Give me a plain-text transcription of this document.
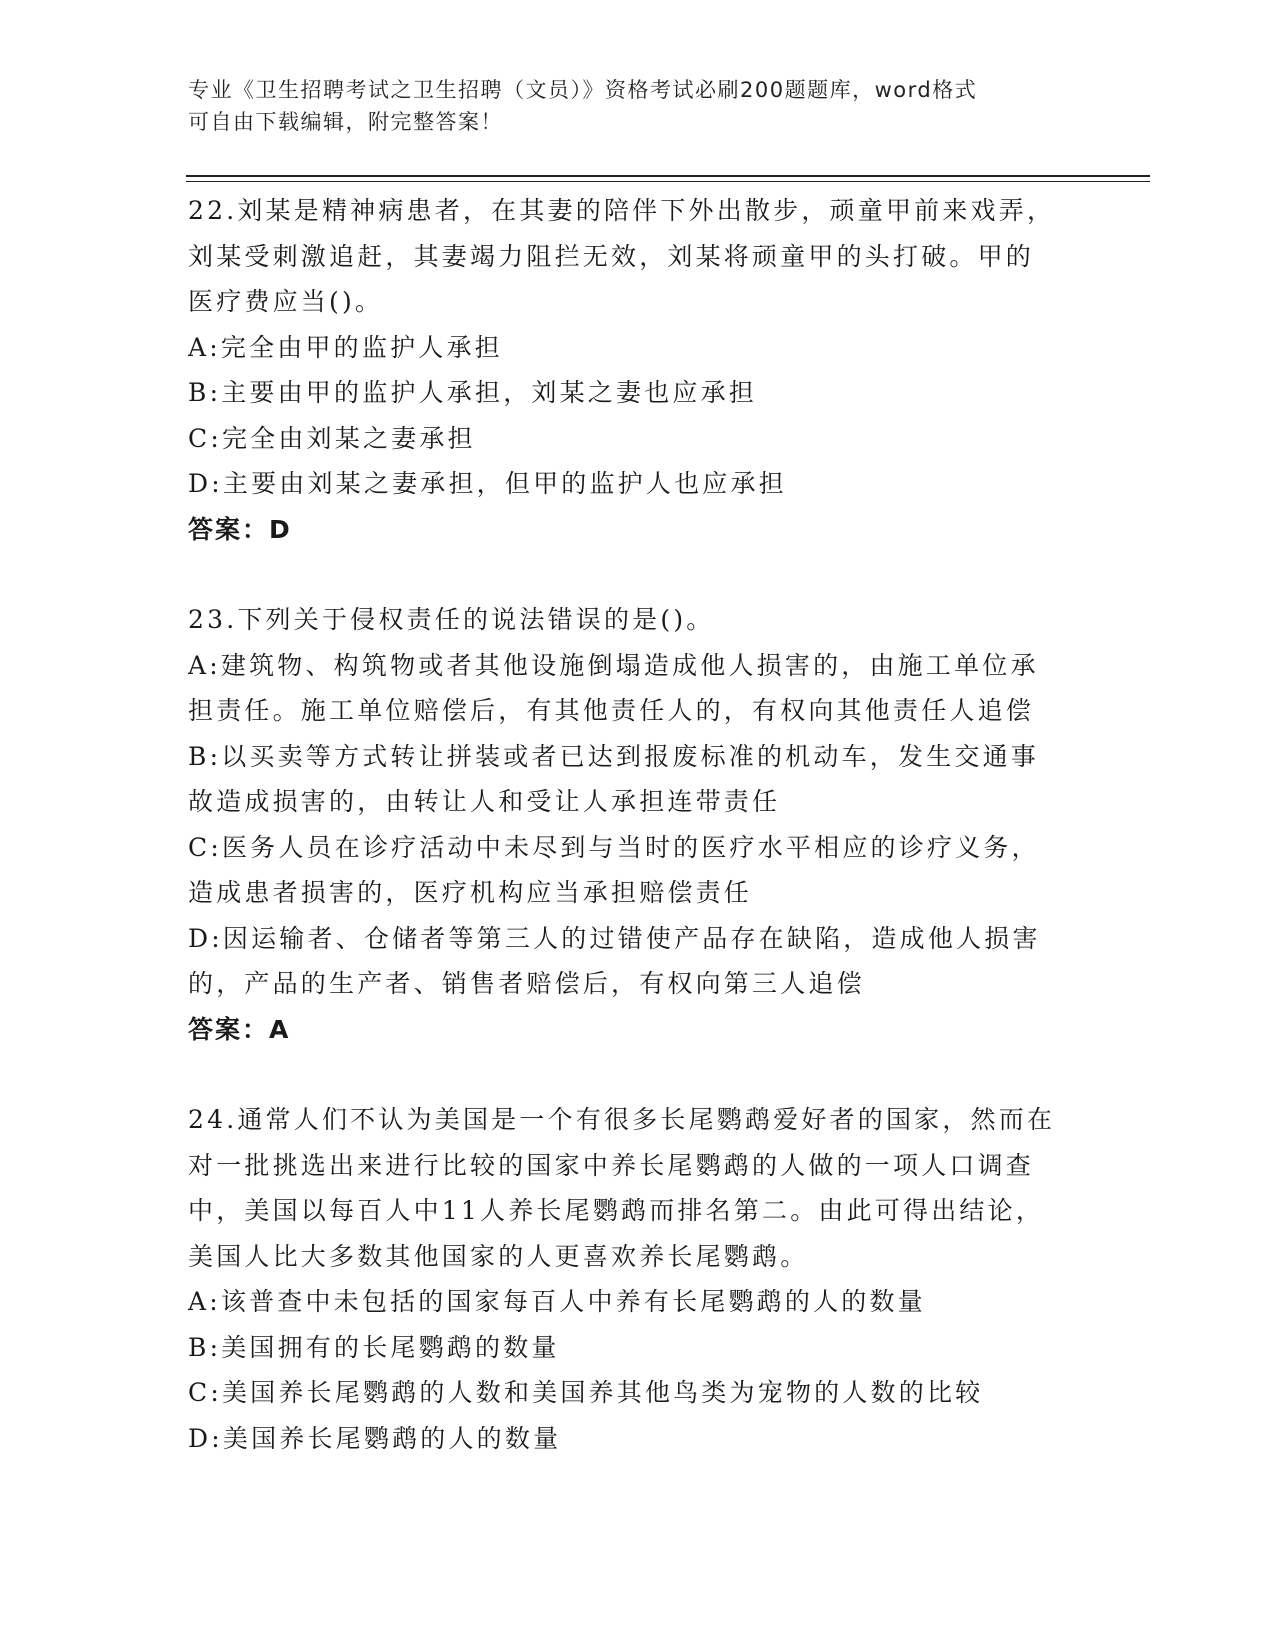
专业《卫生招聘考试之卫生招聘（文员）》资格考试必刷200题题库，word格式
可自由下载编辑，附完整答案！
22.刘某是精神病患者，在其妻的陪伴下外出散步，顽童甲前来戏弄，
刘某受刺激追赶，其妻竭力阻拦无效，刘某将顽童甲的头打破。甲的
医疗费应当()。
A:完全由甲的监护人承担
B:主要由甲的监护人承担，刘某之妻也应承担
C:完全由刘某之妻承担
D:主要由刘某之妻承担，但甲的监护人也应承担
答案：D
23.下列关于侵权责任的说法错误的是()。
A:建筑物、构筑物或者其他设施倒塌造成他人损害的，由施工单位承
担责任。施工单位赔偿后，有其他责任人的，有权向其他责任人追偿
B:以买卖等方式转让拼装或者已达到报废标准的机动车，发生交通事
故造成损害的，由转让人和受让人承担连带责任
C:医务人员在诊疗活动中未尽到与当时的医疗水平相应的诊疗义务，
造成患者损害的，医疗机构应当承担赔偿责任
D:因运输者、仓储者等第三人的过错使产品存在缺陷，造成他人损害
的，产品的生产者、销售者赔偿后，有权向第三人追偿
答案：A
24.通常人们不认为美国是一个有很多长尾鹦鹉爱好者的国家，然而在
对一批挑选出来进行比较的国家中养长尾鹦鹉的人做的一项人口调查
中，美国以每百人中11人养长尾鹦鹉而排名第二。由此可得出结论，
美国人比大多数其他国家的人更喜欢养长尾鹦鹉。
A:该普查中未包括的国家每百人中养有长尾鹦鹉的人的数量
B:美国拥有的长尾鹦鹉的数量
C:美国养长尾鹦鹉的人数和美国养其他鸟类为宠物的人数的比较
D:美国养长尾鹦鹉的人的数量
